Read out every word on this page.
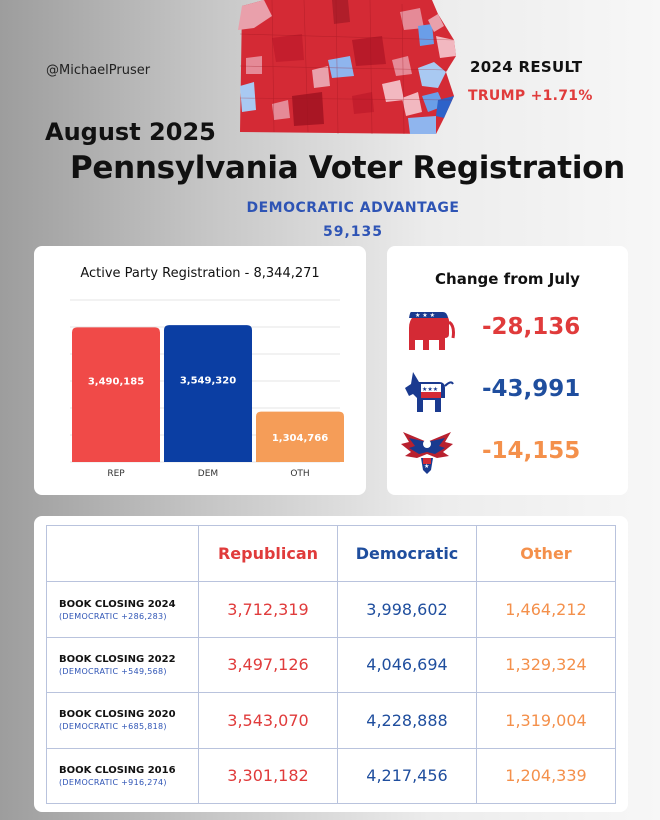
@MichaelPruser	2024 RESULT
TRUMP +1.71%
August 2025
Pennsylvania Voter Registration
DEMOCRATIC ADVANTAGE
59,135
Active Party Registration - 8,344,271
3,490,185
REP
3,549,320
DEM
1,304,766
OTH
Change from July
★ ★ ★ -28,136
★★★ -43,991
★
-14,155
	Republican	Democratic	Other

BOOK CLOSING 2024
(DEMOCRATIC +286,283)	3,712,319	3,998,602	1,464,212

BOOK CLOSING 2022
(DEMOCRATIC +549,568)	3,497,126	4,046,694	1,329,324

BOOK CLOSING 2020
(DEMOCRATIC +685,818)	3,543,070	4,228,888	1,319,004

BOOK CLOSING 2016
(DEMOCRATIC +916,274)	3,301,182	4,217,456	1,204,339
